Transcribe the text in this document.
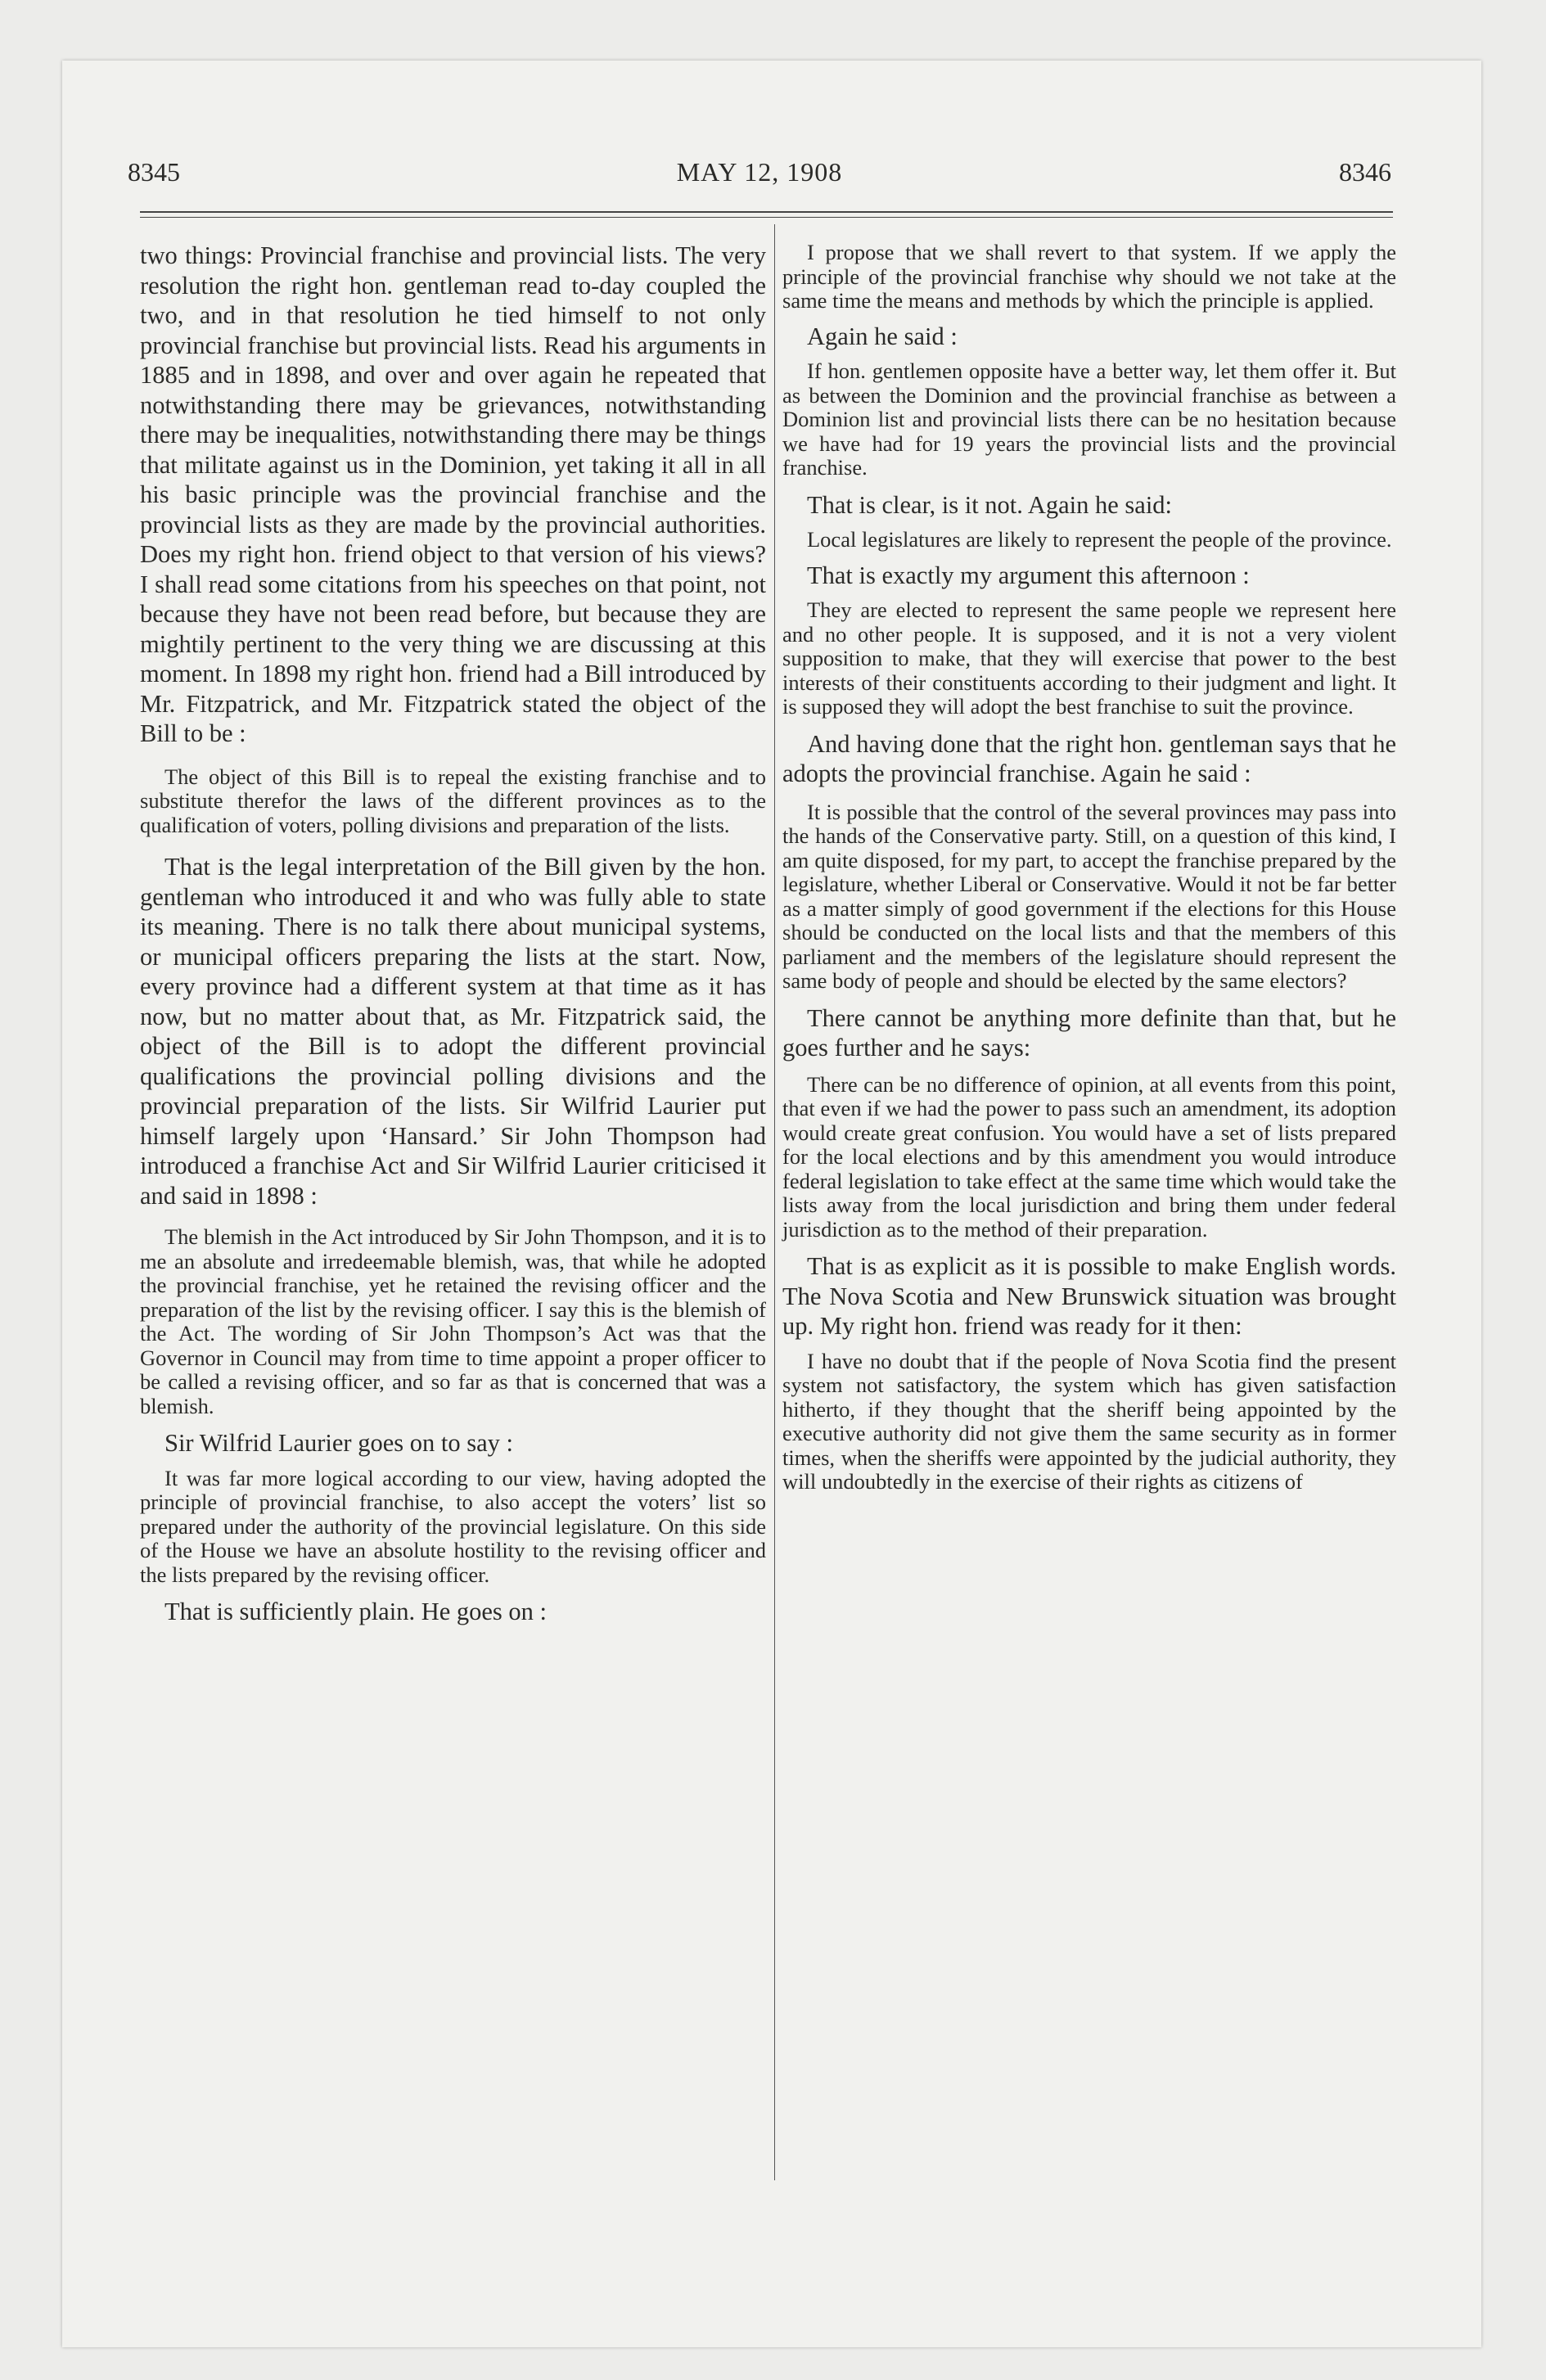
8345	MAY 12, 1908	8346

two things: Provincial franchise and provincial lists. The very resolution the right hon. gentleman read to-day coupled the two, and in that resolution he tied himself to not only provincial franchise but provincial lists. Read his arguments in 1885 and in 1898, and over and over again he repeated that notwithstanding there may be grievances, notwithstanding there may be inequalities, notwithstanding there may be things that militate against us in the Dominion, yet taking it all in all his basic principle was the provincial franchise and the provincial lists as they are made by the provincial authorities. Does my right hon. friend object to that version of his views? I shall read some citations from his speeches on that point, not because they have not been read before, but because they are mightily pertinent to the very thing we are discussing at this moment. In 1898 my right hon. friend had a Bill introduced by Mr. Fitzpatrick, and Mr. Fitzpatrick stated the object of the Bill to be :

The object of this Bill is to repeal the existing franchise and to substitute therefor the laws of the different provinces as to the qualification of voters, polling divisions and preparation of the lists.

That is the legal interpretation of the Bill given by the hon. gentleman who introduced it and who was fully able to state its meaning. There is no talk there about municipal systems, or municipal officers preparing the lists at the start. Now, every province had a different system at that time as it has now, but no matter about that, as Mr. Fitzpatrick said, the object of the Bill is to adopt the different provincial qualifications the provincial polling divisions and the provincial preparation of the lists. Sir Wilfrid Laurier put himself largely upon ‘Hansard.’ Sir John Thompson had introduced a franchise Act and Sir Wilfrid Laurier criticised it and said in 1898 :

The blemish in the Act introduced by Sir John Thompson, and it is to me an absolute and irredeemable blemish, was, that while he adopted the provincial franchise, yet he retained the revising officer and the preparation of the list by the revising officer. I say this is the blemish of the Act. The wording of Sir John Thompson’s Act was that the Governor in Council may from time to time appoint a proper officer to be called a revising officer, and so far as that is concerned that was a blemish.

Sir Wilfrid Laurier goes on to say :

It was far more logical according to our view, having adopted the principle of provincial franchise, to also accept the voters’ list so prepared under the authority of the provincial legislature. On this side of the House we have an absolute hostility to the revising officer and the lists prepared by the revising officer.

That is sufficiently plain. He goes on :

I propose that we shall revert to that system. If we apply the principle of the provincial franchise why should we not take at the same time the means and methods by which the principle is applied.

Again he said :

If hon. gentlemen opposite have a better way, let them offer it. But as between the Dominion and the provincial franchise as between a Dominion list and provincial lists there can be no hesitation because we have had for 19 years the provincial lists and the provincial franchise.

That is clear, is it not. Again he said:

Local legislatures are likely to represent the people of the province.

That is exactly my argument this afternoon :

They are elected to represent the same people we represent here and no other people. It is supposed, and it is not a very violent supposition to make, that they will exercise that power to the best interests of their constituents according to their judgment and light. It is supposed they will adopt the best franchise to suit the province.

And having done that the right hon. gentleman says that he adopts the provincial franchise. Again he said :

It is possible that the control of the several provinces may pass into the hands of the Conservative party. Still, on a question of this kind, I am quite disposed, for my part, to accept the franchise prepared by the legislature, whether Liberal or Conservative. Would it not be far better as a matter simply of good government if the elections for this House should be conducted on the local lists and that the members of this parliament and the members of the legislature should represent the same body of people and should be elected by the same electors?

There cannot be anything more definite than that, but he goes further and he says:

There can be no difference of opinion, at all events from this point, that even if we had the power to pass such an amendment, its adoption would create great confusion. You would have a set of lists prepared for the local elections and by this amendment you would introduce federal legislation to take effect at the same time which would take the lists away from the local jurisdiction and bring them under federal jurisdiction as to the method of their preparation.

That is as explicit as it is possible to make English words. The Nova Scotia and New Brunswick situation was brought up. My right hon. friend was ready for it then:

I have no doubt that if the people of Nova Scotia find the present system not satisfactory, the system which has given satisfaction hitherto, if they thought that the sheriff being appointed by the executive authority did not give them the same security as in former times, when the sheriffs were appointed by the judicial authority, they will undoubtedly in the exercise of their rights as citizens of
